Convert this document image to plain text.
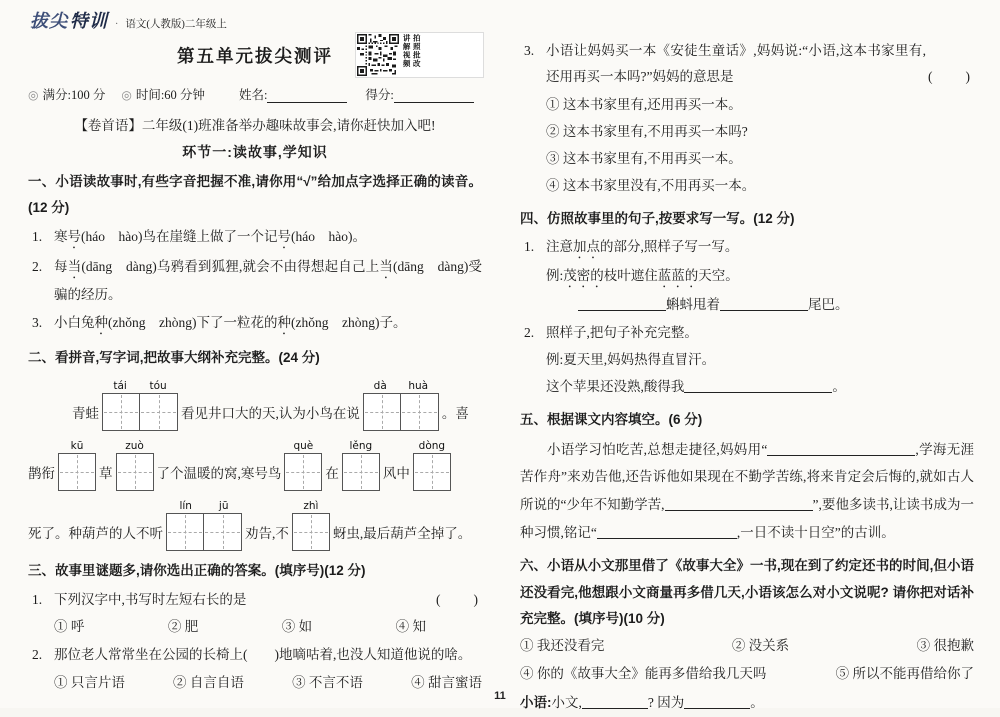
拔尖 特训 · 语文(人教版)二年级上
第五单元拔尖测评	讲解视频 拍照批改
◎ 满分:100 分 ◎ 时间:60 分钟	姓名:	得分:

【卷首语】二年级(1)班准备举办趣味故事会,请你赶快加入吧!

环节一:读故事,学知识

一、小语读故事时,有些字音把握不准,请你用“√”给加点字选择正确的读音。(12 分)

1. 寒号(háo　hào)鸟在崖缝上做了一个记号(háo　hào)。
2. 每当(dāng　dàng)乌鸦看到狐狸,就会不由得想起自己上当(dāng　dàng)受骗的经历。
3. 小白兔种(zhǒng　zhòng)下了一粒花的种(zhǒng　zhòng)子。

二、看拼音,写字词,把故事大纲补充完整。(24 分)

青蛙
tái tóu
看见井口大的天,认为小鸟在说
dà huà
。喜
鹊衔
kū
草
zuò
了个温暖的窝,寒号鸟
què
在
lěng
风中
dòng
死了。种葫芦的人不听
lín	jū
劝告,不
zhì
蚜虫,最后葫芦全掉了。

三、故事里谜题多,请你选出正确的答案。(填序号)(12 分)

1. 下列汉字中,书写时左短右长的是	(　　)
① 呼	② 肥	③ 如	④ 知
2. 那位老人常常坐在公园的长椅上(　　)地嘀咕着,也没人知道他说的啥。
① 只言片语	② 自言自语	③ 不言不语	④ 甜言蜜语
3. 小语让妈妈买一本《安徒生童话》,妈妈说:“小语,这本书家里有,还用再买一本吗?”妈妈的意思是	(　　)
① 这本书家里有,还用再买一本。
② 这本书家里有,不用再买一本吗?
③ 这本书家里有,不用再买一本。
④ 这本书家里没有,不用再买一本。

四、仿照故事里的句子,按要求写一写。(12 分)

1. 注意加点的部分,照样子写一写。
例:茂密的枝叶遮住蓝蓝的天空。
蝌蚪甩着	尾巴。
2. 照样子,把句子补充完整。
例:夏天里,妈妈热得直冒汗。
这个苹果还没熟,酸得我	。

五、根据课文内容填空。(6 分)

小语学习怕吃苦,总想走捷径,妈妈用“	,学海无涯苦作舟”来劝告他,还告诉他如果现在不勤学苦练,将来肯定会后悔的,就如古人所说的“少年不知勤学苦,	”,要他多读书,让读书成为一种习惯,铭记“	,一日不读十日空”的古训。

六、小语从小文那里借了《故事大全》一书,现在到了约定还书的时间,但小语还没看完,他想跟小文商量再多借几天,小语该怎么对小文说呢? 请你把对话补充完整。(填序号)(10 分)

① 我还没看完	② 没关系	③ 很抱歉
④ 你的《故事大全》能再多借给我几天吗	⑤ 所以不能再借给你了
小语:小文,	? 因为	。
11
